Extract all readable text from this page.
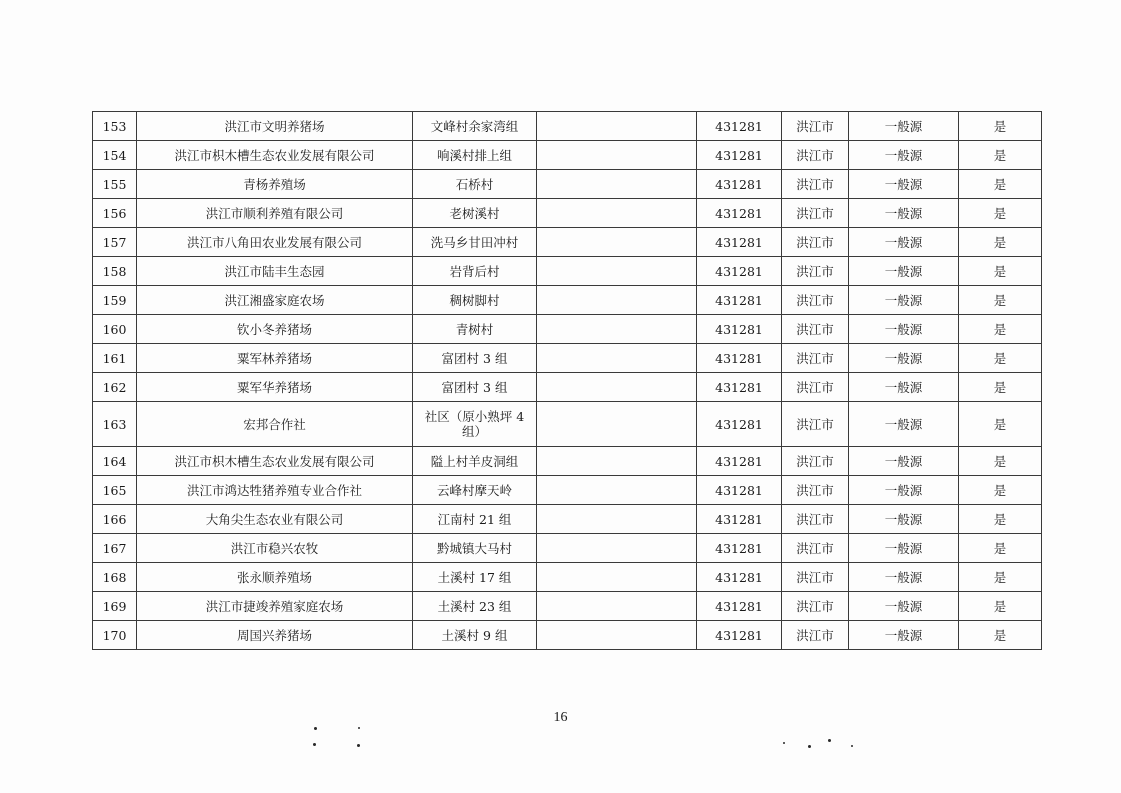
153	洪江市文明养猪场	文峰村余家湾组		431281	洪江市	一般源	是
154	洪江市枳木槽生态农业发展有限公司	响溪村排上组		431281	洪江市	一般源	是
155	青杨养殖场	石桥村		431281	洪江市	一般源	是
156	洪江市顺利养殖有限公司	老树溪村		431281	洪江市	一般源	是
157	洪江市八角田农业发展有限公司	洗马乡甘田冲村		431281	洪江市	一般源	是
158	洪江市陆丰生态园	岩背后村		431281	洪江市	一般源	是
159	洪江湘盛家庭农场	稠树脚村		431281	洪江市	一般源	是
160	钦小冬养猪场	青树村		431281	洪江市	一般源	是
161	粟军林养猪场	富团村 3 组		431281	洪江市	一般源	是
162	粟军华养猪场	富团村 3 组		431281	洪江市	一般源	是
163	宏邦合作社	社区（原小熟坪 4 组）		431281	洪江市	一般源	是
164	洪江市枳木槽生态农业发展有限公司	隘上村羊皮洞组		431281	洪江市	一般源	是
165	洪江市鸿达牲猪养殖专业合作社	云峰村摩天岭		431281	洪江市	一般源	是
166	大角尖生态农业有限公司	江南村 21 组		431281	洪江市	一般源	是
167	洪江市稳兴农牧	黔城镇大马村		431281	洪江市	一般源	是
168	张永顺养殖场	土溪村 17 组		431281	洪江市	一般源	是
169	洪江市捷竣养殖家庭农场	土溪村 23 组		431281	洪江市	一般源	是
170	周国兴养猪场	土溪村 9 组		431281	洪江市	一般源	是
16
